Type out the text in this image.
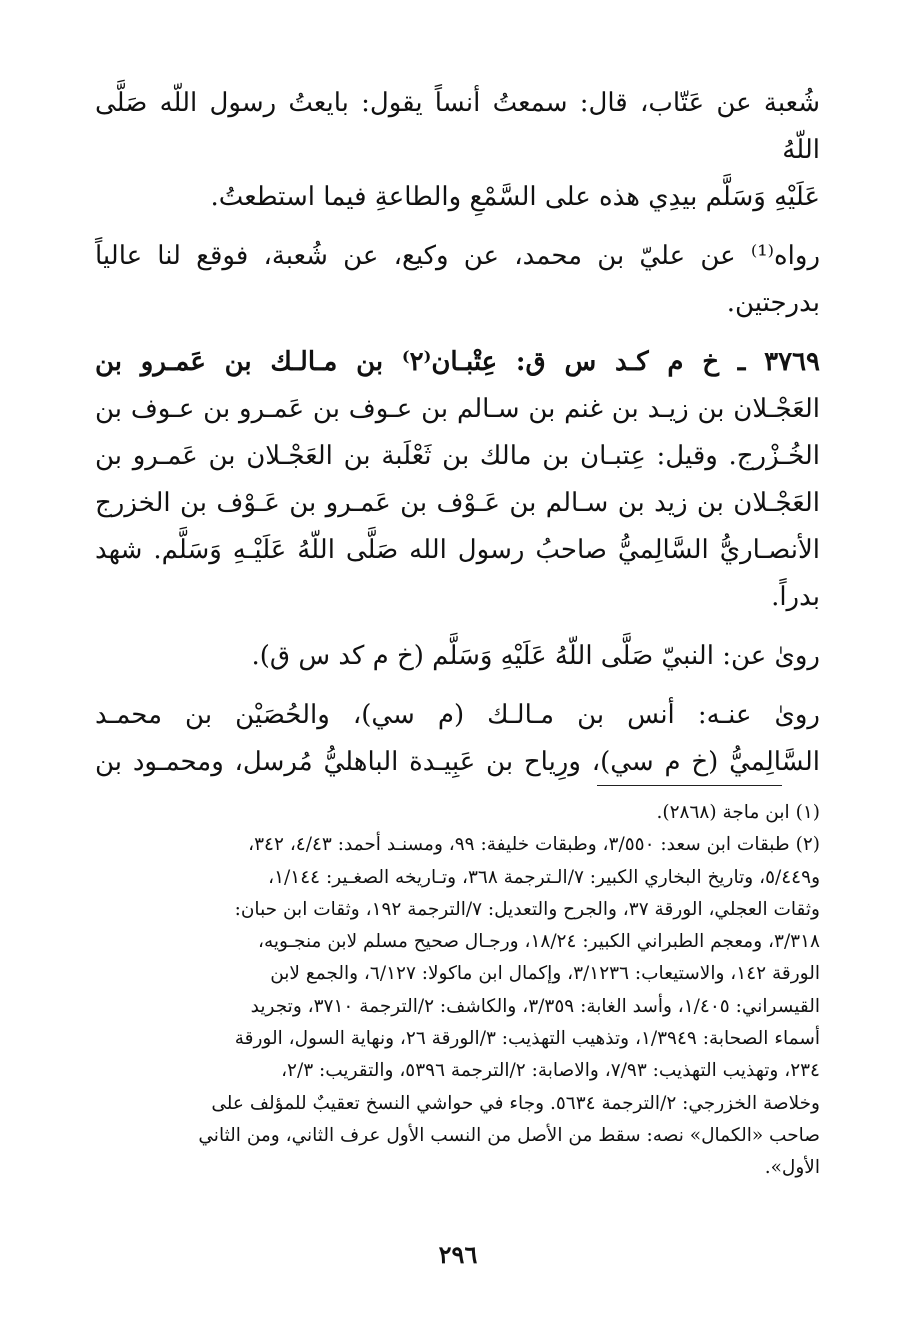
شُعبة عن عَتّاب، قال: سمعتُ أنساً يقول: بايعتُ رسول اللّه صَلَّى اللّهُ

عَلَيْهِ وَسَلَّم بيدِي هذه على السَّمْعِ والطاعةِ فيما استطعتُ.

رواه⁽¹⁾ عن عليّ بن محمد، عن وكيع، عن شُعبة، فوقع لنا عالياً

بدرجتين.

٣٧٦٩ ـ خ م كـد س ق: عِتْبـان⁽٢⁾ بن مـالـك بن عَمـرو بن

العَجْـلان بن زيـد بن غنم بن سـالم بن عـوف بن عَمـرو بن عـوف بن

الخُـزْرج. وقيل: عِتبـان بن مالك بن ثَعْلَبة بن العَجْـلان بن عَمـرو بن

العَجْـلان بن زيد بن سـالم بن عَـوْف بن عَمـرو بن عَـوْف بن الخزرج

الأنصـاريُّ السَّالِميُّ صاحبُ رسول الله صَلَّى اللّهُ عَلَيْـهِ وَسَلَّم. شهد

بدراً.

روىٰ عن: النبيّ صَلَّى اللّهُ عَلَيْهِ وَسَلَّم (خ م كد س ق).

روىٰ عنـه: أنس بن مـالـك (م سي)، والحُصَيْن بن محمـد

السَّالِميُّ (خ م سي)، ورِياح بن عَبِيـدة الباهليُّ مُرسل، ومحمـود بن

(١)ابن ماجة (٢٨٦٨).
(٢)طبقات ابن سعد: ٣/٥٥٠، وطبقات خليفة: ٩٩، ومسنـد أحمد: ٤/٤٣، ٣٤٢،
و٥/٤٤٩، وتاريخ البخاري الكبير: ٧/الـترجمة ٣٦٨، وتـاريخه الصغـير: ١/١٤٤،
وثقات العجلي، الورقة ٣٧، والجرح والتعديل: ٧/الترجمة ١٩٢، وثقات ابن حبان:
٣/٣١٨، ومعجم الطبراني الكبير: ١٨/٢٤، ورجـال صحيح مسلم لابن منجـويه،
الورقة ١٤٢، والاستيعاب: ٣/١٢٣٦، وإكمال ابن ماكولا: ٦/١٢٧، والجمع لابن
القيسراني: ١/٤٠٥، وأسد الغابة: ٣/٣٥٩، والكاشف: ٢/الترجمة ٣٧١٠، وتجريد
أسماء الصحابة: ١/٣٩٤٩، وتذهيب التهذيب: ٣/الورقة ٢٦، ونهاية السول، الورقة
٢٣٤، وتهذيب التهذيب: ٧/٩٣، والاصابة: ٢/الترجمة ٥٣٩٦، والتقريب: ٢/٣،
وخلاصة الخزرجي: ٢/الترجمة ٥٦٣٤. وجاء في حواشي النسخ تعقيبٌ للمؤلف على
صاحب «الكمال» نصه: سقط من الأصل من النسب الأول عرف الثاني، ومن الثاني
الأول».
٢٩٦
